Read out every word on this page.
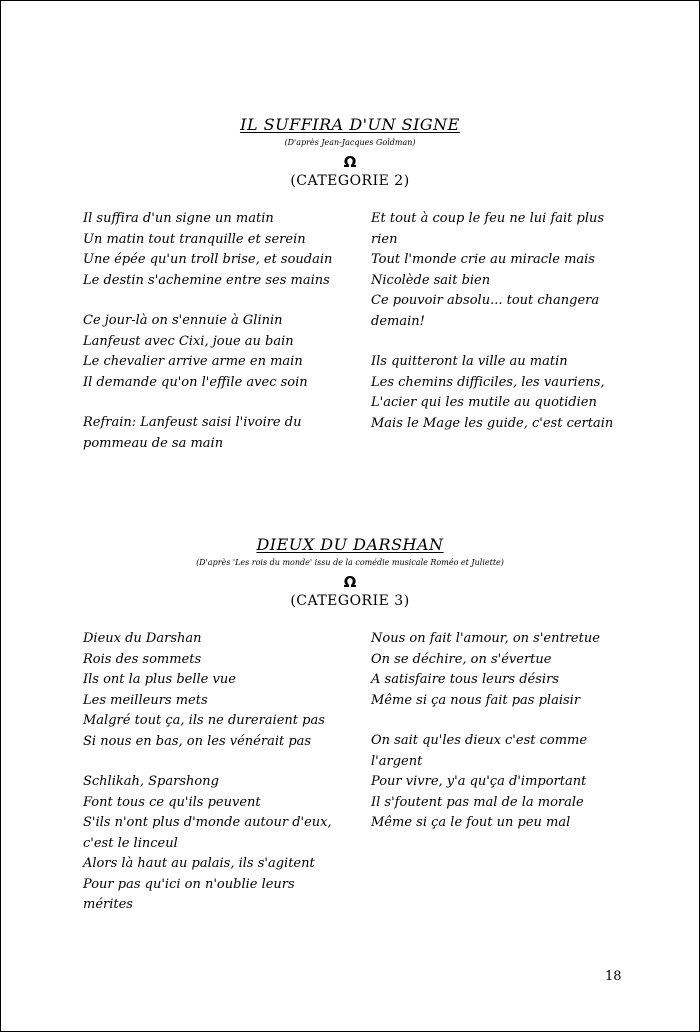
IL SUFFIRA D'UN SIGNE
(D'après Jean-Jacques Goldman)
Ω
(CATEGORIE 2)
Il suffira d'un signe un matin
Un matin tout tranquille et serein
Une épée qu'un troll brise, et soudain
Le destin s'achemine entre ses mains
Ce jour-là on s'ennuie à Glinin
Lanfeust avec Cixi, joue au bain
Le chevalier arrive arme en main
Il demande qu'on l'effile avec soin
Refrain: Lanfeust saisi l'ivoire du
pommeau de sa main
Et tout à coup le feu ne lui fait plus
rien
Tout l'monde crie au miracle mais
Nicolède sait bien
Ce pouvoir absolu... tout changera
demain!
Ils quitteront la ville au matin
Les chemins difficiles, les vauriens,
L'acier qui les mutile au quotidien
Mais le Mage les guide, c'est certain
DIEUX DU DARSHAN
(D'après 'Les rois du monde' issu de la comédie musicale Roméo et Juliette)
Ω
(CATEGORIE 3)
Dieux du Darshan
Rois des sommets
Ils ont la plus belle vue
Les meilleurs mets
Malgré tout ça, ils ne dureraient pas
Si nous en bas, on les vénérait pas
Schlikah, Sparshong
Font tous ce qu'ils peuvent
S'ils n'ont plus d'monde autour d'eux,
c'est le linceul
Alors là haut au palais, ils s'agitent
Pour pas qu'ici on n'oublie leurs
mérites
Nous on fait l'amour, on s'entretue
On se déchire, on s'évertue
A satisfaire tous leurs désirs
Même si ça nous fait pas plaisir
On sait qu'les dieux c'est comme
l'argent
Pour vivre, y'a qu'ça d'important
Il s'foutent pas mal de la morale
Même si ça le fout un peu mal
18
